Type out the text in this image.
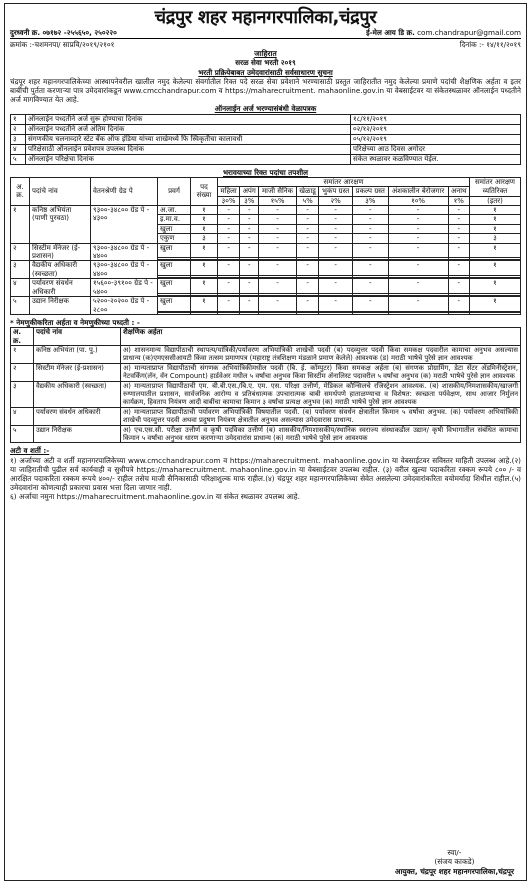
चंद्रपुर शहर महानगरपालिका,चंद्रपुर
दुरध्वनी क्र. ०७१७२ -२५५६५०, २५०२२०	ई-मेल आय डि क्र. com.chandrapur@gmail.com
क्रमांक :-चशमनपा/ साप्रवि/२०१९/२१०१	दिनांक :- १४/११/२०१९
जाहिरात
सरळ सेवा भरती २०१९
भरती प्रक्रियेबाबत उमेदवारांसाठी सर्वसाधारण सुचना
चंद्रपूर शहर महानगरपालिकेच्या आस्थापनेवरील खालील नमुद केलेल्या संवर्गातील रिक्त पदे सरळ सेवा प्रवेशाने भरण्यासाठी प्रस्तुत जाहिरातीत नमुद केलेल्या प्रमाणे पदांची शैक्षणिक अर्हता व इतर बाबींची पुर्तता करणाऱ्या पात्र उमेदवारांकडून www.cmcchandrapur.com व https://maharecruitment. mahaonline.gov.in या वेबसाईटवर या संकेतस्थळावर ऑनलाईन पध्दतीने अर्ज मागविण्यात येत आहे.
ऑनलाईन अर्ज भरण्यासंबंधी वेळापत्रक
१	ऑनलाईन पध्दतीने अर्ज सुरू होण्याचा दिनांक	१८/११/२०१९
२	ऑनलाईन पध्दतीने अर्ज अंतिम दिनांक	०२/१२/२०१९
३	संगणकीय चलनाव्दारे स्टेट बँक ऑफ इंडिया यांच्या शाखेमध्ये फि स्विकृतीचा कालावधी	०५/१२/२०१९
४	परिक्षेसाठी ऑनलाईन प्रवेशपत्र उपलब्ध दिनांक	परिक्षेच्या आठ दिवस अगोदर
५	ऑनलाईन परिक्षेचा दिनांक	संकेत स्थळावर कळविण्यात येईल.
भरावयाच्या रिक्त पदांचा तपशील
अ. क्र.	पदांचे नांव	वेतनश्रेणी ग्रेड पे	प्रवर्ग	पद संख्या	समांतर आरक्षण								समांतर आरक्षण व्यतिरिक्त
					महिला	अपंग	माजी सैनिक	खेळाडू	भुकंप ग्रस्त	प्रकल्प ग्रस्त	अंशकालीन बेरोजगार	अनाथ	
					३०%	३%	१५%	५%	२%	३%	१०%	१%	(इतर)
१	कनिष्ठ अभियंता (पाणी पुरवठा)	९३००-३४८०० ग्रेड पे - ४३००	अ.जा.	१	-	-	-	-	-	-	-	-	१
			इ.मा.व.	१	-	-	-	-	-	-	-	-	१
			खुला	१	-	-	-	-	-	-	-	-	१
			एकुण	३	-	-	-	-	-	-	-	-	३
२	सिस्टीम मॅनेजर (ई- प्रशासन)	९३००-३४८०० ग्रेड पे - ४४००	खुला	१	-	-	-	-	-	-	-	-	१

३	वैद्यकीय अधिकारी (स्वच्छता)	९३००-३४८०० ग्रेड पे - ४४००	खुला	१	-	-	-	-	-	-	-	-	१

४	पर्यावरण संवर्धन अधिकारी	१५६००-३९१०० ग्रेड पे - ५४००	खुला	१	-	-	-	-	-	-	-	-	१

५	उद्यान निरीक्षक	५२००-२०२०० ग्रेड पे - २८००	खुला	१	-	-	-	-	-	-	-	-	१

* नेमणुकीकरिता अर्हता व नेमणुकीच्या पध्दती : -
अ. क्र.	पदांचे नांव	शैक्षणिक अर्हता
१	कनिष्ठ अभियंता (पा. पु.)	अ) शासनमान्य विद्यापीठाची स्थापत्य/यांत्रिकी/पर्यावरण अभियांत्रिकी शाखेची पदवी (ब) पदव्युत्तर पदवी किंवा समकक्ष पदवारील कामाचा अनुभव असल्यास प्राधान्य (क)एमएससीआयटी किंवा तत्सम प्रमाणपत्र (महाराष्ट्र तंत्रशिक्षण मंडळाने प्रमाण केलेले) आवश्यक (ड) मराठी भाषेचे पुरेसे ज्ञान आवश्यक
२	सिस्टीम मॅनेजर (ई-प्रशासन)	अ) मान्यताप्राप्त विद्यापीठाची संगणक अभियांत्रिकीमधील पदवी (बि. ई. कॉम्पुटर) किंवा समकक्ष अर्हता (ब) संगणक प्रोग्रामिंग, डेटा सेंटर ॲडमिनीस्ट्रेशन, नेटवर्किंग(लॅन, वॅन Compount) हार्डवेअर मधील ५ वर्षांचा अनुभव किंवा सिस्टीम ॲनालिस्ट पदावरील ५ वर्षांचा अनुभव (क) मराठी भाषेचे पुरेसे ज्ञान आवश्यक
३	वैद्यकीय अधिकारी (स्वच्छता)	अ) मान्यताप्राप्त विद्यापीठाची एम. बी.बी.एस./बि.ए. एम. एस. परिक्षा उत्तीर्ण, मेडिकल कौन्सिलचे रजिस्ट्रेशन आवश्यक. (ब) शासकीय/निमशासकीय/खाजगी रुग्णालयातील प्रशासन, सार्वजनिक आरोग्य व प्रतिबंधात्मक उपचारात्मक बाबी समर्थपणे हाताळण्याचा व विशेषत: स्वच्छता पर्यवेक्षण, साथ आजार निर्मुलन कार्यक्रम, हिवताप नियंत्रण आदी बाबींचा कामाचा किमान ३ वर्षांचा प्रत्यक्ष अनुभव (क) मराठी भाषेचे पुरेसे ज्ञान आवश्यक
४	पर्यावरण संवर्धन अधिकारी	अ) मान्यताप्राप्त विद्यापीठाची पर्यावरण अभियांत्रिकी विषयातील पदवी. (ब) पर्यावरण संवर्धन क्षेत्रातील किमान ५ वर्षांचा अनुभव. (क) पर्यावरण अभियांत्रिकी शाखेची पदव्युत्तर पदवी अथवा प्रदुषण नियंत्रण क्षेत्रातील अनुभव असल्यास उमेदवारास प्राधान्य.
५	उद्यान निरीक्षक	अ) एच.एस.सी. परीक्षा उत्तीर्ण व कृषी पदविका उत्तीर्ण (ब) शासकीय/निमशासकीय/स्थानिक स्वराज्य संस्थाकडील उद्यान/ कृषी विभागातील संबंधित कामाचा किमान ५ वर्षांचा अनुभव धारण करणाऱ्या उमेदवारांस प्राधान्य (क) मराठी भाषेचे पुरेसे ज्ञान आवश्यक
अटी व शर्ती :-
१) अर्जाच्या अटी व शर्ती महानगरपालिकेच्या www.cmcchandrapur.com व https://maharecruitment. mahaonline.gov.in या वेबसाईटवर सविस्तर माहिती उपलब्ध आहे.(२) या जाहिरातीची पुढील सर्व कार्यवाही व सुधीपत्रे https://maharecruitment. mahaonline.gov.in या वेबसाईटवर उपलब्ध राहील. (३) वरील खुल्या पदाकरिता रक्कम रूपये ८०० /- व आरक्षित पदाकरिता रक्कम रूपये ४००/- राहील तसेच माजी सैनिकासाठी परिक्षाशुल्क माफ राहील.(४) चंद्रपूर शहर महानगरपालिकेच्या सेवेत असलेल्या उमेदवारांकरिता वयोमर्यादा शिथील राहील.(५) उमेदवारांना कोणत्याही प्रकारचा प्रवास भत्ता दिला जाणार नाही.
६) अर्जाचा नमुना https://maharecruitment.mahaonline.gov.in या संकेत स्थळावर उपलब्ध आहे.
स्वा/-
(संजय काकडे)
आयुक्त, चंद्रपूर शहर महानगरपालिका,चंद्रपूर
